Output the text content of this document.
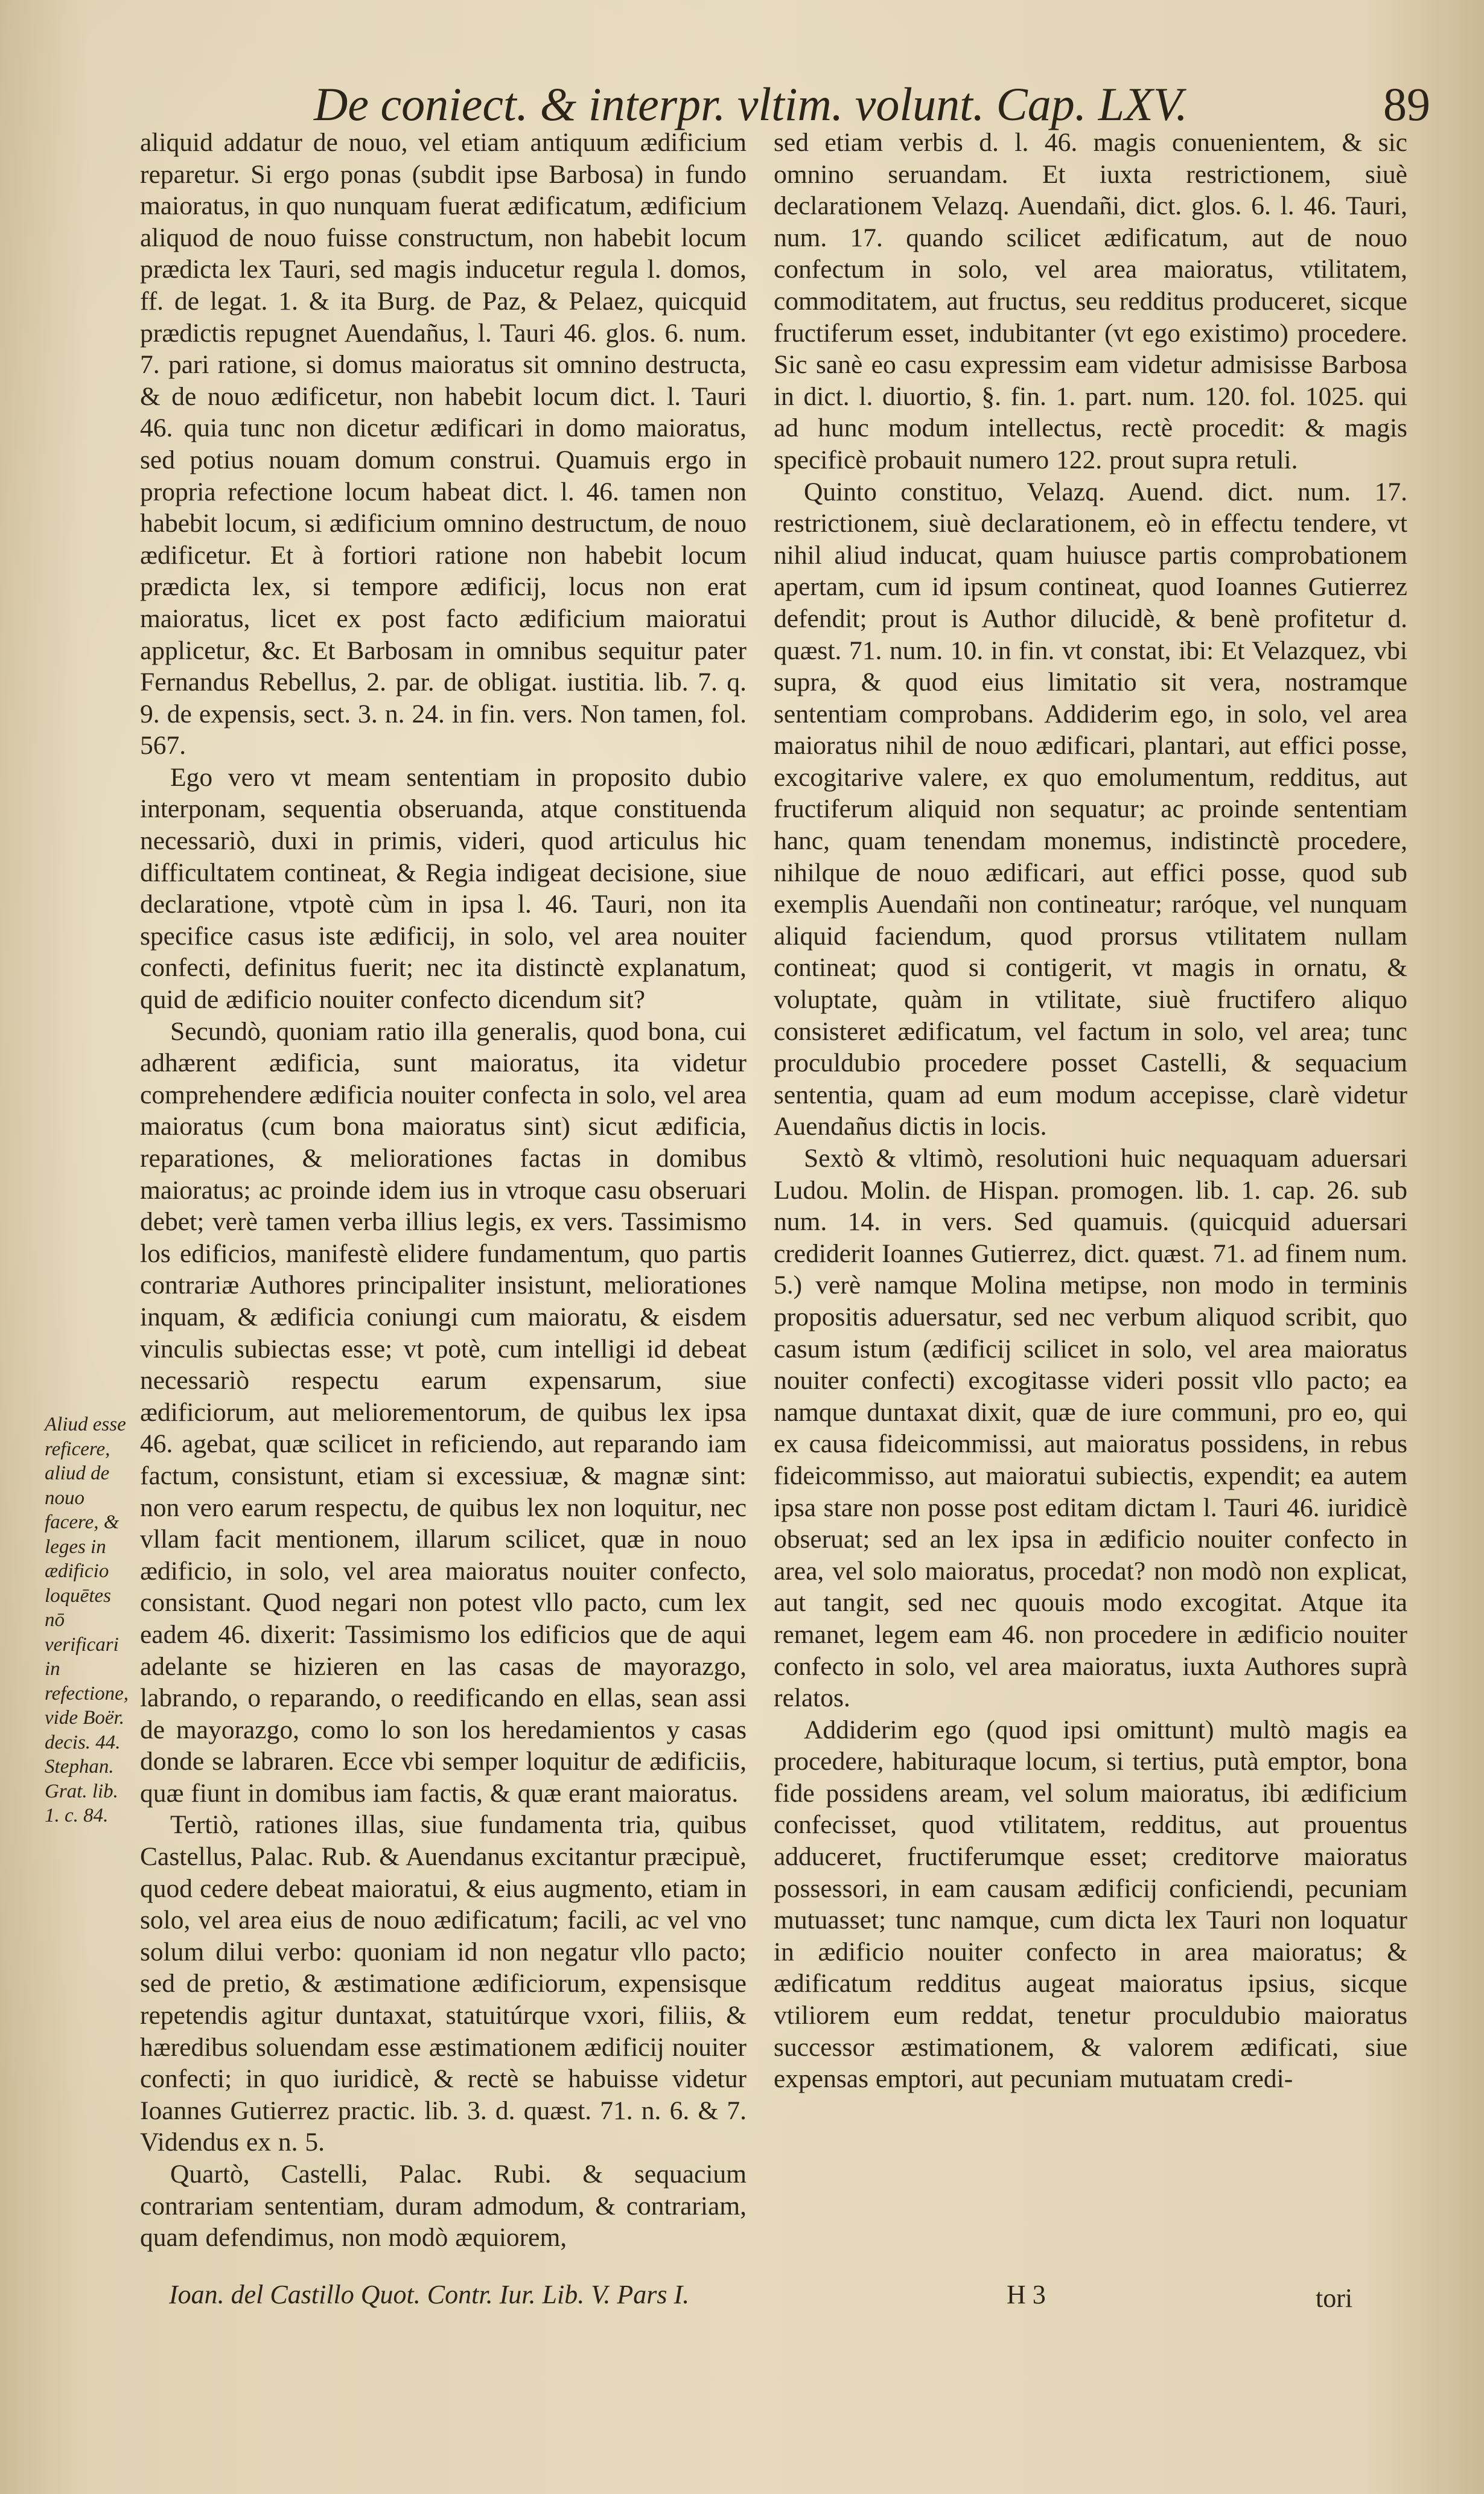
De coniect. & interpr. vltim. volunt. Cap. LXV.	89

aliquid addatur de nouo, vel etiam antiquum ædificium reparetur. Si ergo ponas (subdit ipse Barbosa) in fundo maioratus, in quo nunquam fuerat ædificatum, ædificium aliquod de nouo fuisse constructum, non habebit locum prædicta lex Tauri, sed magis inducetur regula l. domos, ff. de legat. 1. & ita Burg. de Paz, & Pelaez, quicquid prædictis repugnet Auendañus, l. Tauri 46. glos. 6. num. 7. pari ratione, si domus maioratus sit omnino destructa, & de nouo ædificetur, non habebit locum dict. l. Tauri 46. quia tunc non dicetur ædificari in domo maioratus, sed potius nouam domum construi. Quamuis ergo in propria refectione locum habeat dict. l. 46. tamen non habebit locum, si ædificium omnino destructum, de nouo ædificetur. Et à fortiori ratione non habebit locum prædicta lex, si tempore ædificij, locus non erat maioratus, licet ex post facto ædificium maioratui applicetur, &c. Et Barbosam in omnibus sequitur pater Fernandus Rebellus, 2. par. de obligat. iustitia. lib. 7. q. 9. de expensis, sect. 3. n. 24. in fin. vers. Non tamen, fol. 567.

Ego vero vt meam sententiam in proposito dubio interponam, sequentia obseruanda, atque constituenda necessariò, duxi in primis, videri, quod articulus hic difficultatem contineat, & Regia indigeat decisione, siue declaratione, vtpotè cùm in ipsa l. 46. Tauri, non ita specifice casus iste ædificij, in solo, vel area nouiter confecti, definitus fuerit; nec ita distinctè explanatum, quid de ædificio nouiter confecto dicendum sit?

Secundò, quoniam ratio illa generalis, quod bona, cui adhærent ædificia, sunt maioratus, ita videtur comprehendere ædificia nouiter confecta in solo, vel area maioratus (cum bona maioratus sint) sicut ædificia, reparationes, & meliorationes factas in domibus maioratus; ac proinde idem ius in vtroque casu obseruari debet; verè tamen verba illius legis, ex vers. Tassimismo los edificios, manifestè elidere fundamentum, quo partis contrariæ Authores principaliter insistunt, meliorationes inquam, & ædificia coniungi cum maioratu, & eisdem vinculis subiectas esse; vt potè, cum intelligi id debeat necessariò respectu earum expensarum, siue ædificiorum, aut meliorementorum, de quibus lex ipsa 46. agebat, quæ scilicet in reficiendo, aut reparando iam factum, consistunt, etiam si excessiuæ, & magnæ sint: non vero earum respectu, de quibus lex non loquitur, nec vllam facit mentionem, illarum scilicet, quæ in nouo ædificio, in solo, vel area maioratus nouiter confecto, consistant. Quod negari non potest vllo pacto, cum lex eadem 46. dixerit: Tassimismo los edificios que de aqui adelante se hizieren en las casas de mayorazgo, labrando, o reparando, o reedificando en ellas, sean assi de mayorazgo, como lo son los heredamientos y casas donde se labraren. Ecce vbi semper loquitur de ædificiis, quæ fiunt in domibus iam factis, & quæ erant maioratus.

Tertiò, rationes illas, siue fundamenta tria, quibus Castellus, Palac. Rub. & Auendanus excitantur præcipuè, quod cedere debeat maioratui, & eius augmento, etiam in solo, vel area eius de nouo ædificatum; facili, ac vel vno solum dilui verbo: quoniam id non negatur vllo pacto; sed de pretio, & æstimatione ædificiorum, expensisque repetendis agitur duntaxat, statuitúrque vxori, filiis, & hæredibus soluendam esse æstimationem ædificij nouiter confecti; in quo iuridicè, & rectè se habuisse videtur Ioannes Gutierrez practic. lib. 3. d. quæst. 71. n. 6. & 7. Videndus ex n. 5.

Quartò, Castelli, Palac. Rubi. & sequacium contrariam sententiam, duram admodum, & contrariam, quam defendimus, non modò æquiorem,

sed etiam verbis d. l. 46. magis conuenientem, & sic omnino seruandam. Et iuxta restrictionem, siuè declarationem Velazq. Auendañi, dict. glos. 6. l. 46. Tauri, num. 17. quando scilicet ædificatum, aut de nouo confectum in solo, vel area maioratus, vtilitatem, commoditatem, aut fructus, seu redditus produceret, sicque fructiferum esset, indubitanter (vt ego existimo) procedere. Sic sanè eo casu expressim eam videtur admisisse Barbosa in dict. l. diuortio, §. fin. 1. part. num. 120. fol. 1025. qui ad hunc modum intellectus, rectè procedit: & magis specificè probauit numero 122. prout supra retuli.

Quinto constituo, Velazq. Auend. dict. num. 17. restrictionem, siuè declarationem, eò in effectu tendere, vt nihil aliud inducat, quam huiusce partis comprobationem apertam, cum id ipsum contineat, quod Ioannes Gutierrez defendit; prout is Author dilucidè, & benè profitetur d. quæst. 71. num. 10. in fin. vt constat, ibi: Et Velazquez, vbi supra, & quod eius limitatio sit vera, nostramque sententiam comprobans. Addiderim ego, in solo, vel area maioratus nihil de nouo ædificari, plantari, aut effici posse, excogitarive valere, ex quo emolumentum, redditus, aut fructiferum aliquid non sequatur; ac proinde sententiam hanc, quam tenendam monemus, indistinctè procedere, nihilque de nouo ædificari, aut effici posse, quod sub exemplis Auendañi non contineatur; raróque, vel nunquam aliquid faciendum, quod prorsus vtilitatem nullam contineat; quod si contigerit, vt magis in ornatu, & voluptate, quàm in vtilitate, siuè fructifero aliquo consisteret ædificatum, vel factum in solo, vel area; tunc proculdubio procedere posset Castelli, & sequacium sententia, quam ad eum modum accepisse, clarè videtur Auendañus dictis in locis.

Sextò & vltimò, resolutioni huic nequaquam aduersari Ludou. Molin. de Hispan. promogen. lib. 1. cap. 26. sub num. 14. in vers. Sed quamuis. (quicquid aduersari crediderit Ioannes Gutierrez, dict. quæst. 71. ad finem num. 5.) verè namque Molina metipse, non modo in terminis propositis aduersatur, sed nec verbum aliquod scribit, quo casum istum (ædificij scilicet in solo, vel area maioratus nouiter confecti) excogitasse videri possit vllo pacto; ea namque duntaxat dixit, quæ de iure communi, pro eo, qui ex causa fideicommissi, aut maioratus possidens, in rebus fideicommisso, aut maioratui subiectis, expendit; ea autem ipsa stare non posse post editam dictam l. Tauri 46. iuridicè obseruat; sed an lex ipsa in ædificio nouiter confecto in area, vel solo maioratus, procedat? non modò non explicat, aut tangit, sed nec quouis modo excogitat. Atque ita remanet, legem eam 46. non procedere in ædificio nouiter confecto in solo, vel area maioratus, iuxta Authores suprà relatos.

Addiderim ego (quod ipsi omittunt) multò magis ea procedere, habituraque locum, si tertius, putà emptor, bona fide possidens aream, vel solum maioratus, ibi ædificium confecisset, quod vtilitatem, redditus, aut prouentus adduceret, fructiferumque esset; creditorve maioratus possessori, in eam causam ædificij conficiendi, pecuniam mutuasset; tunc namque, cum dicta lex Tauri non loquatur in ædificio nouiter confecto in area maioratus; & ædificatum redditus augeat maioratus ipsius, sicque vtiliorem eum reddat, tenetur proculdubio maioratus successor æstimationem, & valorem ædificati, siue expensas emptori, aut pecuniam mutuatam credi-

Aliud esse reficere, aliud de nouo facere, & leges in ædificio loquētes nō verificari in refectione, vide Boër. decis. 44. Stephan. Grat. lib. 1. c. 84.
Ioan. del Castillo Quot. Contr. Iur. Lib. V. Pars I.	H 3	tori
